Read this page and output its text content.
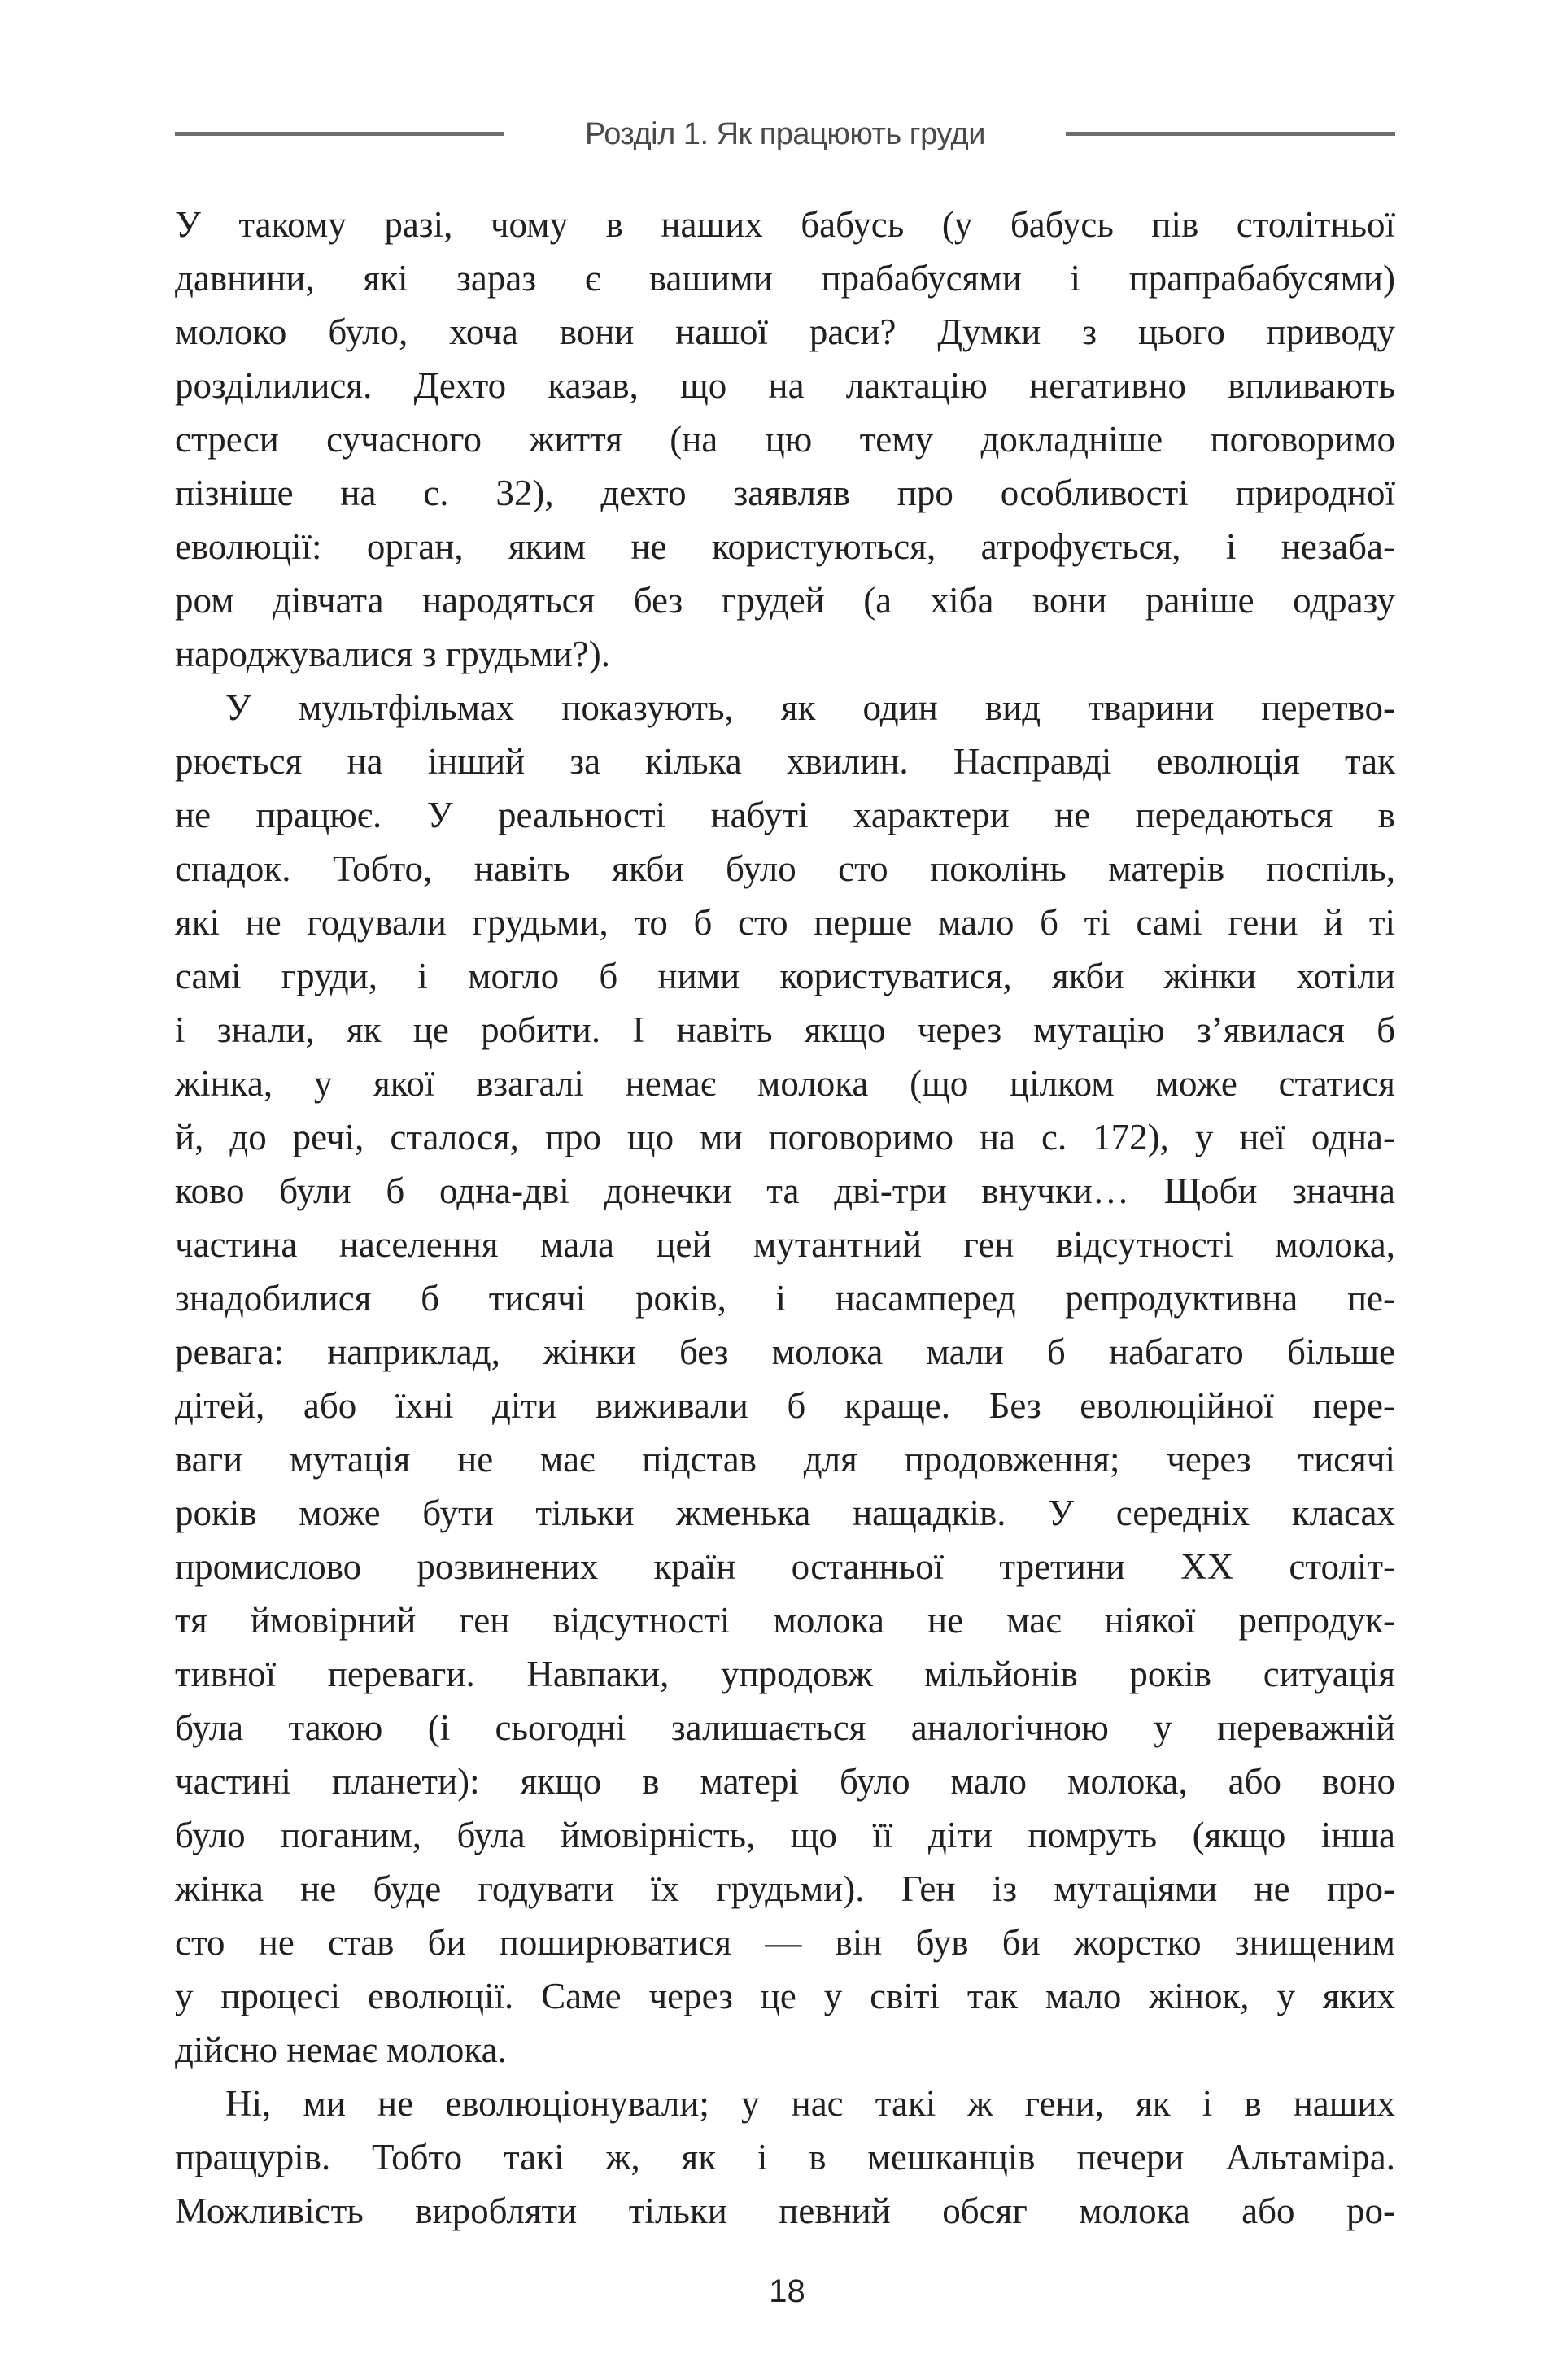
Розділ 1. Як працюють груди
У такому разі, чому в наших бабусь (у бабусь пів столітньої
давнини, які зараз є вашими прабабусями і прапрабабусями)
молоко було, хоча вони нашої раси? Думки з цього приводу
розділилися. Дехто казав, що на лактацію негативно впливають
стреси сучасного життя (на цю тему докладніше поговоримо
пізніше на с. 32), дехто заявляв про особливості природної
еволюції: орган, яким не користуються, атрофується, і незаба-
ром дівчата народяться без грудей (а хіба вони раніше одразу
народжувалися з грудьми?).
У мультфільмах показують, як один вид тварини перетво-
рюється на інший за кілька хвилин. Насправді еволюція так
не працює. У реальності набуті характери не передаються в
спадок. Тобто, навіть якби було сто поколінь матерів поспіль,
які не годували грудьми, то б сто перше мало б ті самі гени й ті
самі груди, і могло б ними користуватися, якби жінки хотіли
і знали, як це робити. І навіть якщо через мутацію з’явилася б
жінка, у якої взагалі немає молока (що цілком може статися
й, до речі, сталося, про що ми поговоримо на с. 172), у неї одна-
ково були б одна-дві донечки та дві-три внучки… Щоби значна
частина населення мала цей мутантний ген відсутності молока,
знадобилися б тисячі років, і насамперед репродуктивна пе-
ревага: наприклад, жінки без молока мали б набагато більше
дітей, або їхні діти виживали б краще. Без еволюційної пере-
ваги мутація не має підстав для продовження; через тисячі
років може бути тільки жменька нащадків. У середніх класах
промислово розвинених країн останньої третини XX століт-
тя ймовірний ген відсутності молока не має ніякої репродук-
тивної переваги. Навпаки, упродовж мільйонів років ситуація
була такою (і сьогодні залишається аналогічною у переважній
частині планети): якщо в матері було мало молока, або воно
було поганим, була ймовірність, що її діти помруть (якщо інша
жінка не буде годувати їх грудьми). Ген із мутаціями не про-
сто не став би поширюватися — він був би жорстко знищеним
у процесі еволюції. Саме через це у світі так мало жінок, у яких
дійсно немає молока.
Ні, ми не еволюціонували; у нас такі ж гени, як і в наших
пращурів. Тобто такі ж, як і в мешканців печери Альтаміра.
Можливість виробляти тільки певний обсяг молока або ро-
18
